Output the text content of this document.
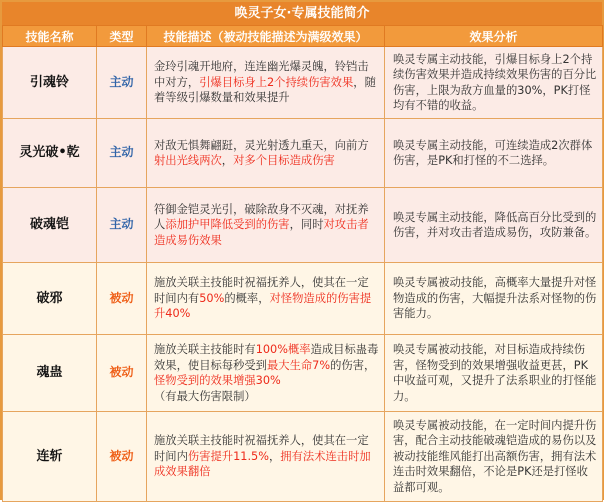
唤灵子女·专属技能简介
技能名称	类型	技能描述（被动技能描述为满级效果）	效果分析
引魂铃	主动	金玲引魂开地府，连连幽光爆灵魄，铃铛击中对方，引爆目标身上2个持续伤害效果，随着等级引爆数量和效果提升	唤灵专属主动技能，引爆目标身上2个持续伤害效果并造成持续效果伤害的百分比伤害，上限为敌方血量的30%，PK打怪均有不错的收益。
灵光破•乾	主动	对敌无惧舞翩跹，灵光射透九重天，向前方射出光线两次，对多个目标造成伤害	唤灵专属主动技能，可连续造成2次群体伤害，是PK和打怪的不二选择。
破魂铠	主动	符御金铠灵光引，破除敌身不灭魂，对抚养人添加护甲降低受到的伤害，同时对攻击者造成易伤效果	唤灵专属主动技能，降低高百分比受到的伤害，并对攻击者造成易伤，攻防兼备。
破邪	被动	施放关联主技能时祝福抚养人，使其在一定时间内有50%的概率，对怪物造成的伤害提升40%	唤灵专属被动技能，高概率大量提升对怪物造成的伤害，大幅提升法系对怪物的伤害能力。
魂蛊	被动	施放关联主技能时有100%概率造成目标蛊毒效果，使目标每秒受到最大生命7%的伤害，怪物受到的效果增强30%（有最大伤害限制）	唤灵专属被动技能，对目标造成持续伤害，怪物受到的效果增强收益更甚，PK中收益可观，又提升了法系职业的打怪能力。
连斩	被动	施放关联主技能时祝福抚养人，使其在一定时间内伤害提升11.5%，拥有法术连击时加成效果翻倍	唤灵专属被动技能，在一定时间内提升伤害，配合主动技能破魂铠造成的易伤以及被动技能维风能打出高额伤害，拥有法术连击时效果翻倍，不论是PK还是打怪收益都可观。
